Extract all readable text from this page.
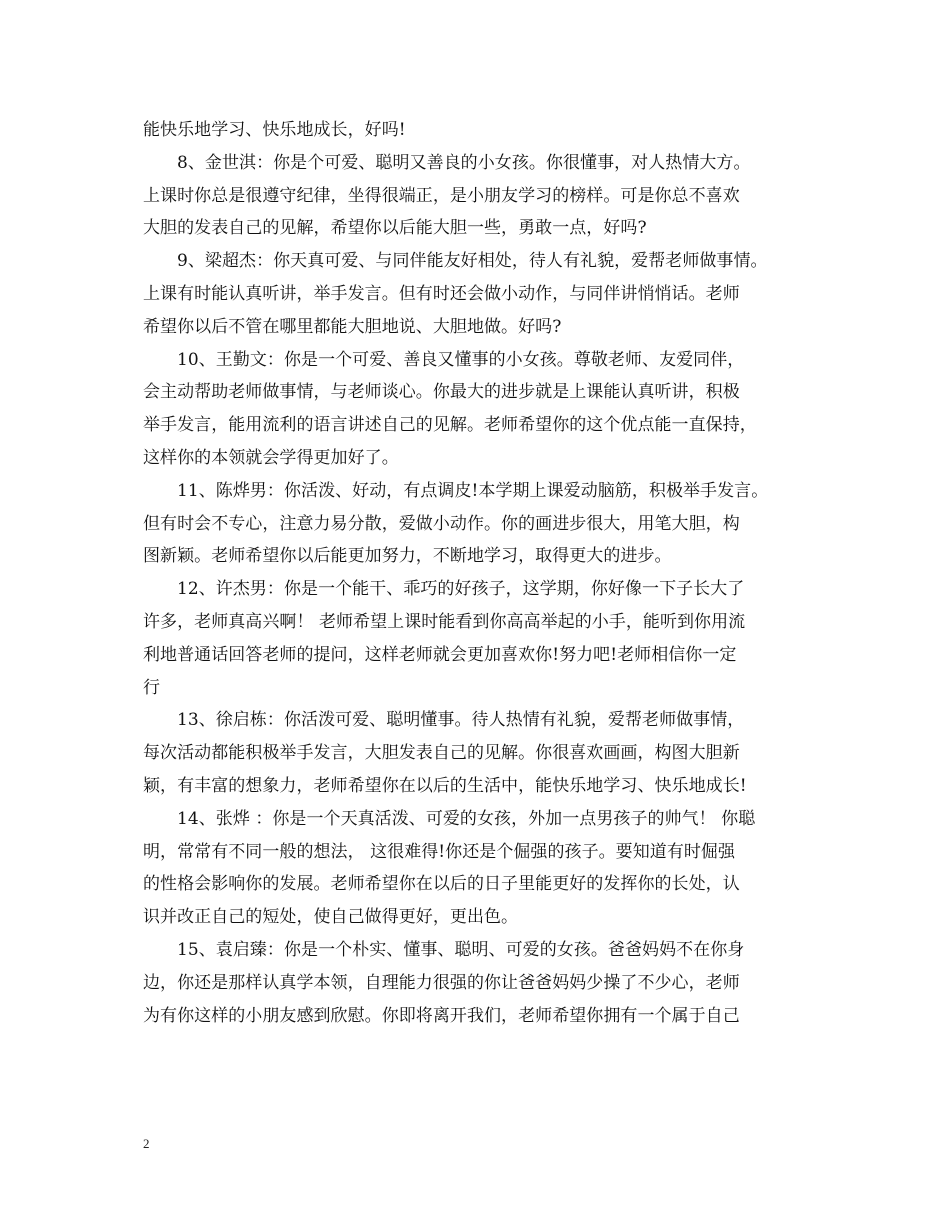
能快乐地学习、快乐地成长，好吗!
8、金世淇：你是个可爱、聪明又善良的小女孩。你很懂事，对人热情大方。
上课时你总是很遵守纪律，坐得很端正，是小朋友学习的榜样。可是你总不喜欢
大胆的发表自己的见解，希望你以后能大胆一些，勇敢一点，好吗?
9、梁超杰：你天真可爱、与同伴能友好相处，待人有礼貌，爱帮老师做事情。
上课有时能认真听讲，举手发言。但有时还会做小动作，与同伴讲悄悄话。老师
希望你以后不管在哪里都能大胆地说、大胆地做。好吗?
10、王勤文：你是一个可爱、善良又懂事的小女孩。尊敬老师、友爱同伴，
会主动帮助老师做事情，与老师谈心。你最大的进步就是上课能认真听讲，积极
举手发言，能用流利的语言讲述自己的见解。老师希望你的这个优点能一直保持，
这样你的本领就会学得更加好了。
11、陈烨男：你活泼、好动，有点调皮!本学期上课爱动脑筋，积极举手发言。
但有时会不专心，注意力易分散，爱做小动作。你的画进步很大，用笔大胆，构
图新颖。老师希望你以后能更加努力，不断地学习，取得更大的进步。
12、许杰男：你是一个能干、乖巧的好孩子，这学期，你好像一下子长大了
许多，老师真高兴啊！ 老师希望上课时能看到你高高举起的小手，能听到你用流
利地普通话回答老师的提问，这样老师就会更加喜欢你!努力吧!老师相信你一定
行
13、徐启栋：你活泼可爱、聪明懂事。待人热情有礼貌，爱帮老师做事情，
每次活动都能积极举手发言，大胆发表自己的见解。你很喜欢画画，构图大胆新
颖，有丰富的想象力，老师希望你在以后的生活中，能快乐地学习、快乐地成长!
14、张烨 ：你是一个天真活泼、可爱的女孩，外加一点男孩子的帅气！ 你聪
明，常常有不同一般的想法， 这很难得!你还是个倔强的孩子。要知道有时倔强
的性格会影响你的发展。老师希望你在以后的日子里能更好的发挥你的长处，认
识并改正自己的短处，使自己做得更好，更出色。
15、袁启臻：你是一个朴实、懂事、聪明、可爱的女孩。爸爸妈妈不在你身
边，你还是那样认真学本领，自理能力很强的你让爸爸妈妈少操了不少心，老师
为有你这样的小朋友感到欣慰。你即将离开我们，老师希望你拥有一个属于自己
2
